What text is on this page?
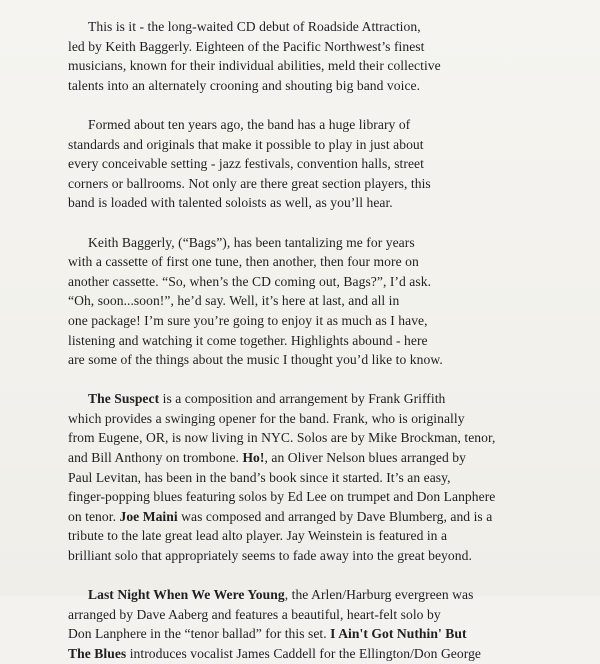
This is it - the long-waited CD debut of Roadside Attraction,
led by Keith Baggerly. Eighteen of the Pacific Northwest’s finest
musicians, known for their individual abilities, meld their collective
talents into an alternately crooning and shouting big band voice.
Formed about ten years ago, the band has a huge library of
standards and originals that make it possible to play in just about
every conceivable setting - jazz festivals, convention halls, street
corners or ballrooms. Not only are there great section players, this
band is loaded with talented soloists as well, as you’ll hear.
Keith Baggerly, (“Bags”), has been tantalizing me for years
with a cassette of first one tune, then another, then four more on
another cassette. “So, when’s the CD coming out, Bags?”, I’d ask.
“Oh, soon...soon!”, he’d say. Well, it’s here at last, and all in
one package! I’m sure you’re going to enjoy it as much as I have,
listening and watching it come together. Highlights abound - here
are some of the things about the music I thought you’d like to know.
The Suspect is a composition and arrangement by Frank Griffith
which provides a swinging opener for the band. Frank, who is originally
from Eugene, OR, is now living in NYC. Solos are by Mike Brockman, tenor,
and Bill Anthony on trombone. Ho!, an Oliver Nelson blues arranged by
Paul Levitan, has been in the band’s book since it started. It’s an easy,
finger-popping blues featuring solos by Ed Lee on trumpet and Don Lanphere
on tenor. Joe Maini was composed and arranged by Dave Blumberg, and is a
tribute to the late great lead alto player. Jay Weinstein is featured in a
brilliant solo that appropriately seems to fade away into the great beyond.
Last Night When We Were Young, the Arlen/Harburg evergreen was
arranged by Dave Aaberg and features a beautiful, heart-felt solo by
Don Lanphere in the “tenor ballad” for this set. I Ain't Got Nuthin' But
The Blues introduces vocalist James Caddell for the Ellington/Don George
